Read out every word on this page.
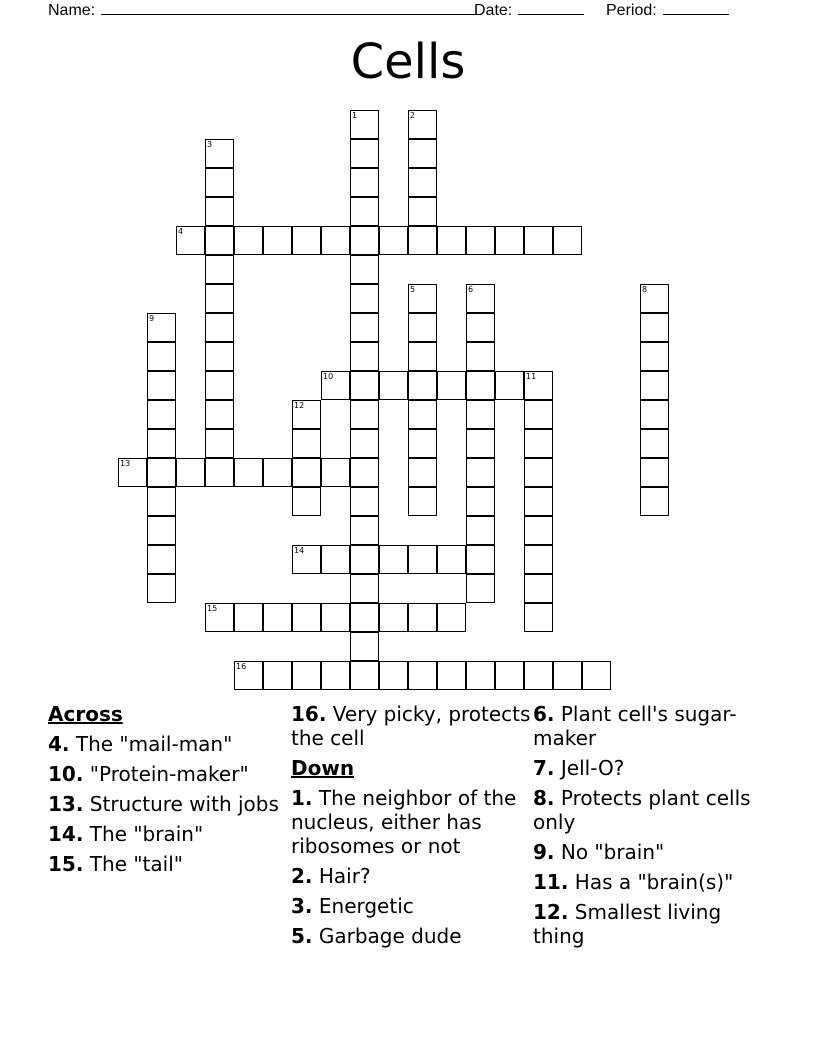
Name:	Date:	Period:
Cells
1	2
3
4
5	6	8
9
10	11
12
13
14
15
16
Across
4. The "mail-man"
10. "Protein-maker"
13. Structure with jobs
14. The "brain"
15. The "tail"
16. Very picky, protects the cell
Down
1. The neighbor of the nucleus, either has ribosomes or not
2. Hair?
3. Energetic
5. Garbage dude
6. Plant cell's sugar-maker
7. Jell-O?
8. Protects plant cells only
9. No "brain"
11. Has a "brain(s)"
12. Smallest living thing
